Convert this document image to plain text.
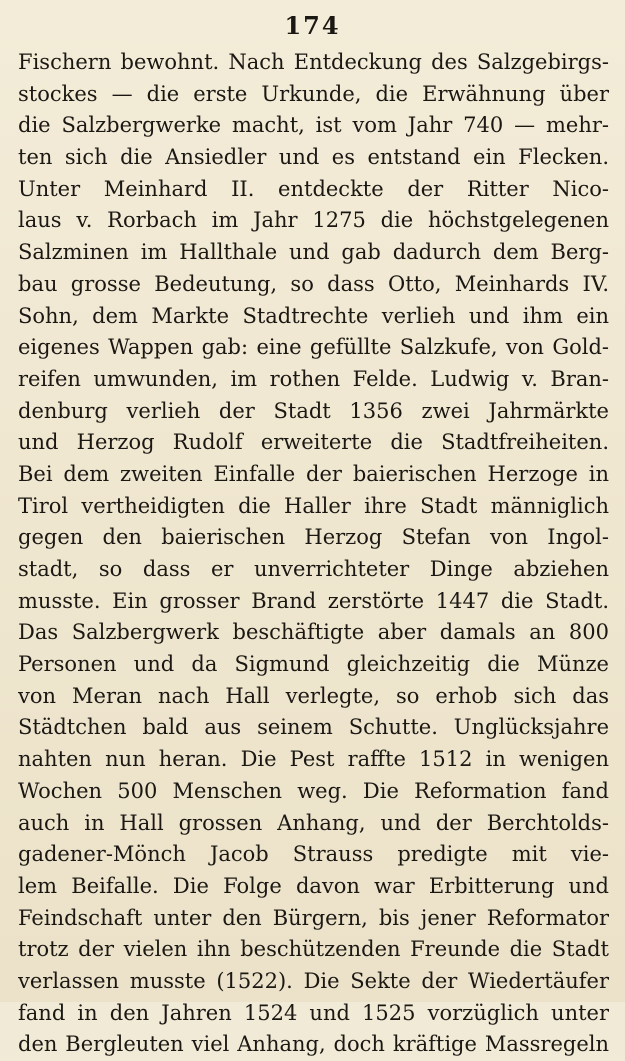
174
Fischern bewohnt. Nach Entdeckung des Salzgebirgs-
stockes — die erste Urkunde, die Erwähnung über
die Salzbergwerke macht, ist vom Jahr 740 — mehr-
ten sich die Ansiedler und es entstand ein Flecken.
Unter Meinhard II. entdeckte der Ritter Nico-
laus v. Rorbach im Jahr 1275 die höchstgelegenen
Salzminen im Hallthale und gab dadurch dem Berg-
bau grosse Bedeutung, so dass Otto, Meinhards IV.
Sohn, dem Markte Stadtrechte verlieh und ihm ein
eigenes Wappen gab: eine gefüllte Salzkufe, von Gold-
reifen umwunden, im rothen Felde. Ludwig v. Bran-
denburg verlieh der Stadt 1356 zwei Jahrmärkte
und Herzog Rudolf erweiterte die Stadtfreiheiten.
Bei dem zweiten Einfalle der baierischen Herzoge in
Tirol vertheidigten die Haller ihre Stadt männiglich
gegen den baierischen Herzog Stefan von Ingol-
stadt, so dass er unverrichteter Dinge abziehen
musste. Ein grosser Brand zerstörte 1447 die Stadt.
Das Salzbergwerk beschäftigte aber damals an 800
Personen und da Sigmund gleichzeitig die Münze
von Meran nach Hall verlegte, so erhob sich das
Städtchen bald aus seinem Schutte. Unglücksjahre
nahten nun heran. Die Pest raffte 1512 in wenigen
Wochen 500 Menschen weg. Die Reformation fand
auch in Hall grossen Anhang, und der Berchtolds-
gadener-Mönch Jacob Strauss predigte mit vie-
lem Beifalle. Die Folge davon war Erbitterung und
Feindschaft unter den Bürgern, bis jener Reformator
trotz der vielen ihn beschützenden Freunde die Stadt
verlassen musste (1522). Die Sekte der Wiedertäufer
fand in den Jahren 1524 und 1525 vorzüglich unter
den Bergleuten viel Anhang, doch kräftige Massregeln
